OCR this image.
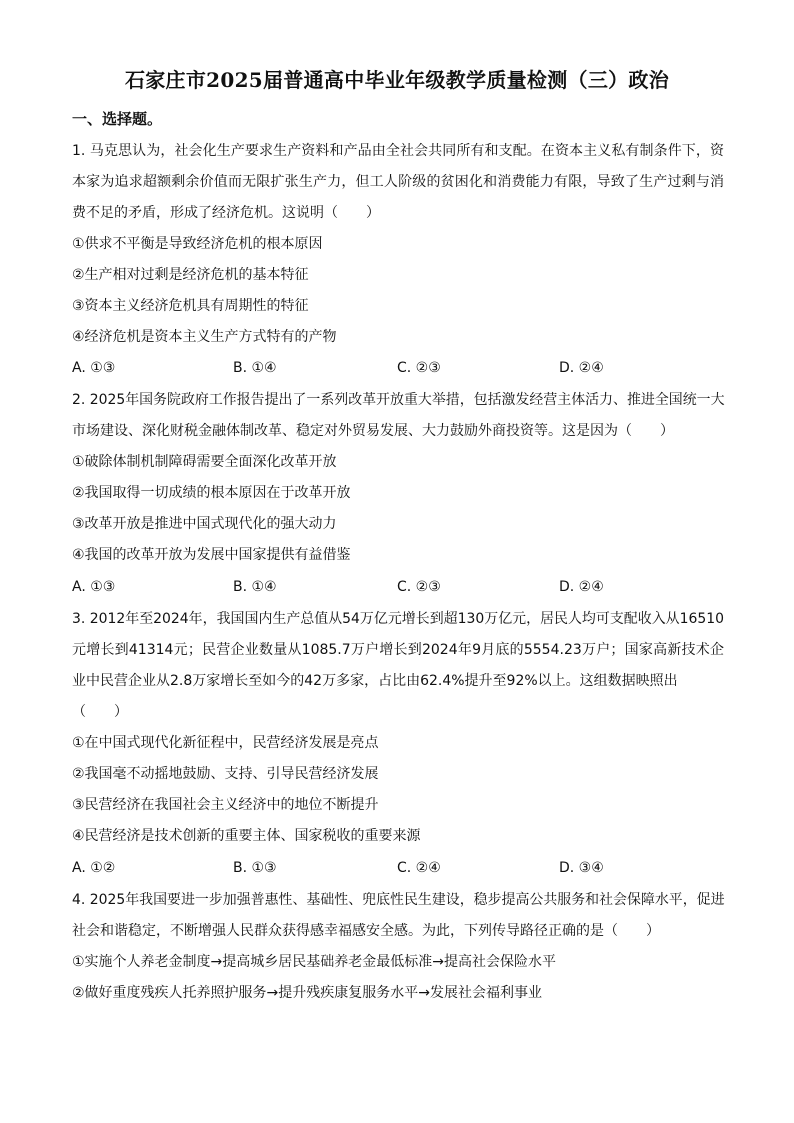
石家庄市2025届普通高中毕业年级教学质量检测（三）政治
一、选择题。
1. 马克思认为，社会化生产要求生产资料和产品由全社会共同所有和支配。在资本主义私有制条件下，资
本家为追求超额剩余价值而无限扩张生产力，但工人阶级的贫困化和消费能力有限，导致了生产过剩与消
费不足的矛盾，形成了经济危机。这说明（　　）
①供求不平衡是导致经济危机的根本原因
②生产相对过剩是经济危机的基本特征
③资本主义经济危机具有周期性的特征
④经济危机是资本主义生产方式特有的产物
A. ①③	B. ①④	C. ②③	D. ②④
2. 2025年国务院政府工作报告提出了一系列改革开放重大举措，包括激发经营主体活力、推进全国统一大
市场建设、深化财税金融体制改革、稳定对外贸易发展、大力鼓励外商投资等。这是因为（　　）
①破除体制机制障碍需要全面深化改革开放
②我国取得一切成绩的根本原因在于改革开放
③改革开放是推进中国式现代化的强大动力
④我国的改革开放为发展中国家提供有益借鉴
A. ①③	B. ①④	C. ②③	D. ②④
3. 2012年至2024年，我国国内生产总值从54万亿元增长到超130万亿元，居民人均可支配收入从16510
元增长到41314元；民营企业数量从1085.7万户增长到2024年9月底的5554.23万户；国家高新技术企
业中民营企业从2.8万家增长至如今的42万多家，占比由62.4%提升至92%以上。这组数据映照出
（　　）
①在中国式现代化新征程中，民营经济发展是亮点
②我国毫不动摇地鼓励、支持、引导民营经济发展
③民营经济在我国社会主义经济中的地位不断提升
④民营经济是技术创新的重要主体、国家税收的重要来源
A. ①②	B. ①③	C. ②④	D. ③④
4. 2025年我国要进一步加强普惠性、基础性、兜底性民生建设，稳步提高公共服务和社会保障水平，促进
社会和谐稳定，不断增强人民群众获得感幸福感安全感。为此，下列传导路径正确的是（　　）
①实施个人养老金制度→提高城乡居民基础养老金最低标准→提高社会保险水平
②做好重度残疾人托养照护服务→提升残疾康复服务水平→发展社会福利事业
